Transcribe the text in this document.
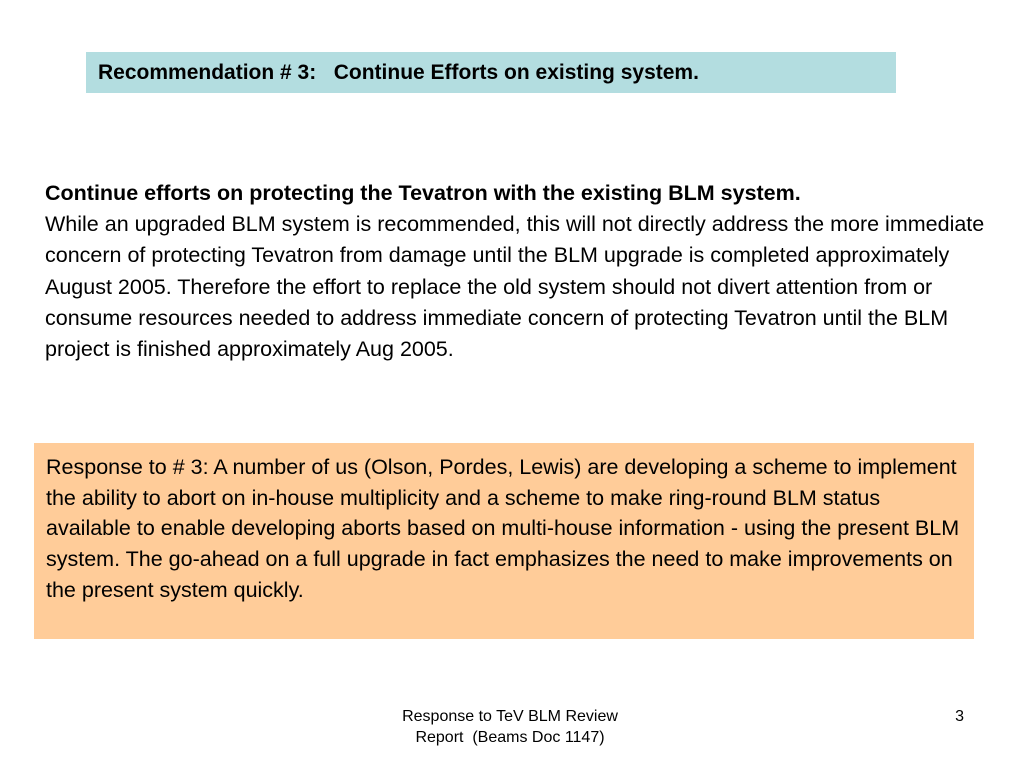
Recommendation # 3:   Continue Efforts on existing system.
Continue efforts on protecting the Tevatron with the existing BLM system.
While an upgraded BLM system is recommended, this will not directly address the more immediate concern of protecting Tevatron from damage until the BLM upgrade is completed approximately August 2005. Therefore the effort to replace the old system should not divert attention from or consume resources needed to address immediate concern of protecting Tevatron until the BLM project is finished approximately Aug 2005.
Response to # 3: A number of us (Olson, Pordes, Lewis) are developing a scheme to implement the ability to abort on in-house multiplicity and a scheme to make ring-round BLM status available to enable developing aborts based on multi-house information - using the present BLM system. The go-ahead on a full upgrade in fact emphasizes the need to make improvements on the present system quickly.
Response to TeV BLM Review
Report  (Beams Doc 1147)
3
